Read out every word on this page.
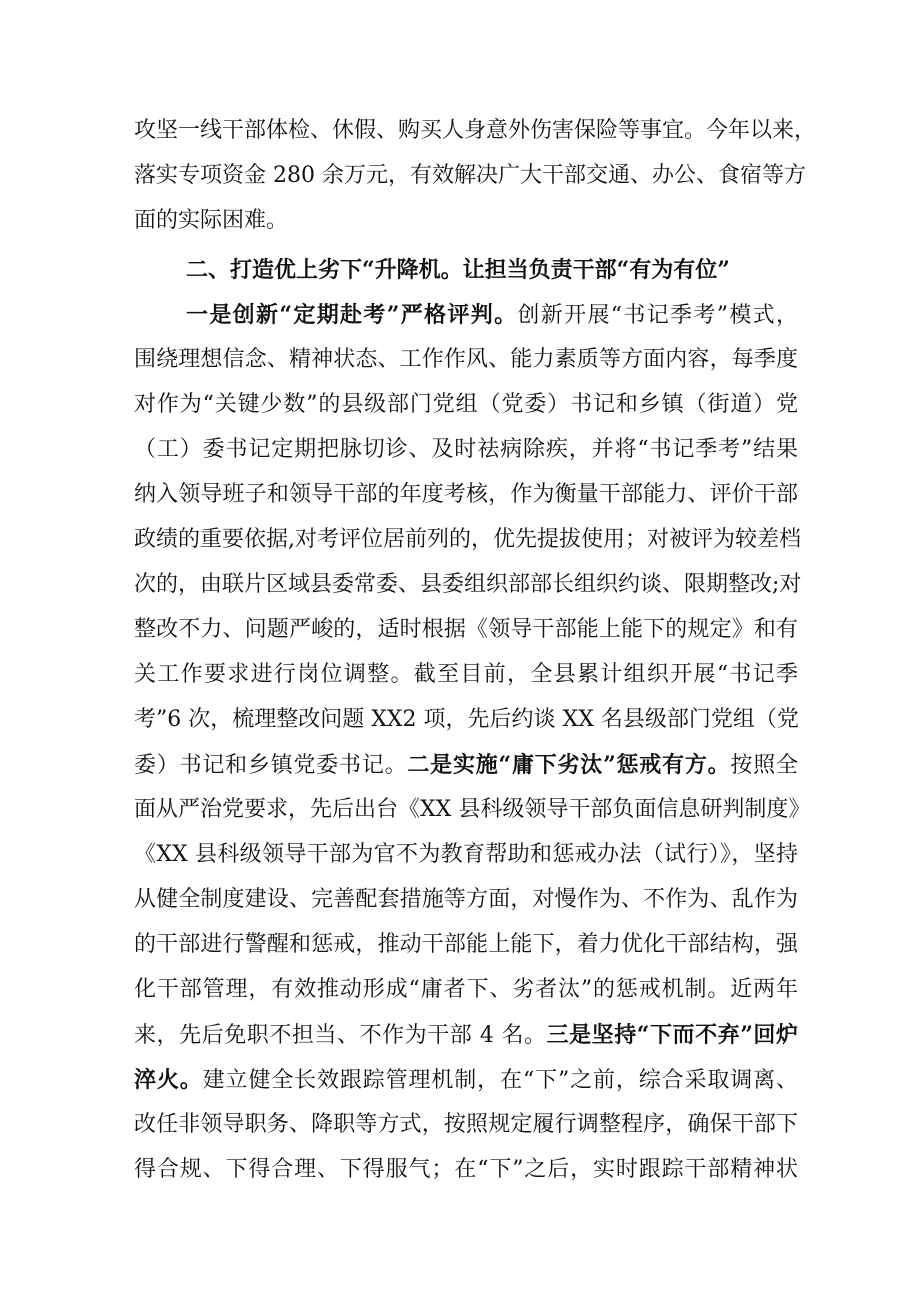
攻坚一线干部体检、休假、购买人身意外伤害保险等事宜。今年以来，
落实专项资金 280 余万元，有效解决广大干部交通、办公、食宿等方
面的实际困难。
二、打造优上劣下“升降机。让担当负责干部“有为有位”
一是创新“定期赴考”严格评判。创新开展“书记季考”模式，
围绕理想信念、精神状态、工作作风、能力素质等方面内容，每季度
对作为“关键少数”的县级部门党组（党委）书记和乡镇（街道）党
（工）委书记定期把脉切诊、及时祛病除疾，并将“书记季考”结果
纳入领导班子和领导干部的年度考核，作为衡量干部能力、评价干部
政绩的重要依据,对考评位居前列的，优先提拔使用；对被评为较差档
次的，由联片区域县委常委、县委组织部部长组织约谈、限期整改;对
整改不力、问题严峻的，适时根据《领导干部能上能下的规定》和有
关工作要求进行岗位调整。截至目前，全县累计组织开展“书记季
考”6 次，梳理整改问题 XX2 项，先后约谈 XX 名县级部门党组（党
委）书记和乡镇党委书记。二是实施“庸下劣汰”惩戒有方。按照全
面从严治党要求，先后出台《XX 县科级领导干部负面信息研判制度》
《XX 县科级领导干部为官不为教育帮助和惩戒办法（试行）》，坚持
从健全制度建设、完善配套措施等方面，对慢作为、不作为、乱作为
的干部进行警醒和惩戒，推动干部能上能下，着力优化干部结构，强
化干部管理，有效推动形成“庸者下、劣者汰”的惩戒机制。近两年
来，先后免职不担当、不作为干部 4 名。三是坚持“下而不弃”回炉
淬火。建立健全长效跟踪管理机制，在“下”之前，综合采取调离、
改任非领导职务、降职等方式，按照规定履行调整程序，确保干部下
得合规、下得合理、下得服气；在“下”之后，实时跟踪干部精神状
